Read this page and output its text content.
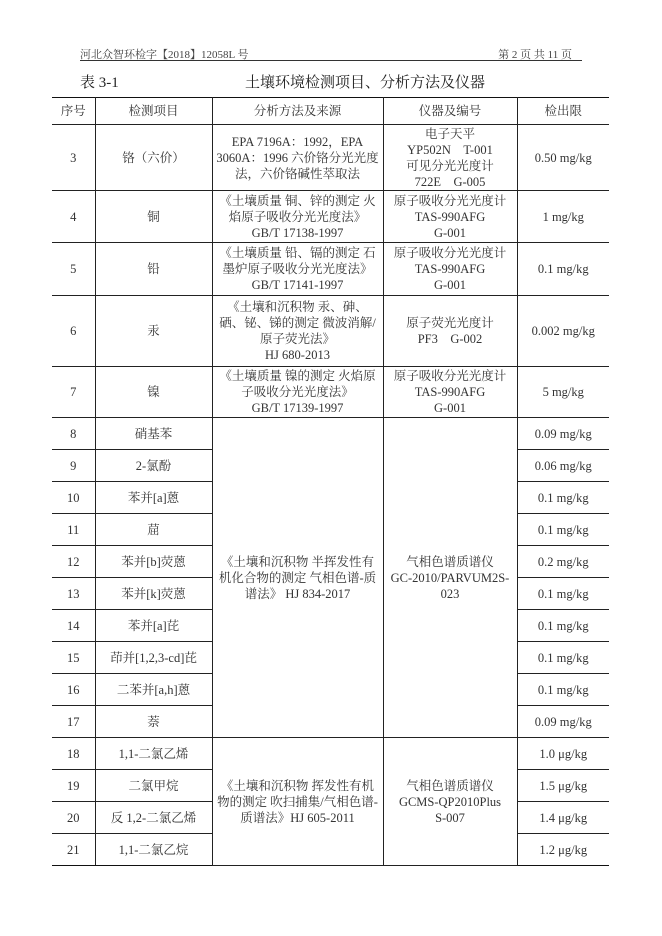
河北众智环检字【2018】12058L 号	第 2 页 共 11 页
表 3-1	土壤环境检测项目、分析方法及仪器
序号	检测项目	分析方法及来源	仪器及编号	检出限
3	铬（六价）	EPA 7196A：1992，EPA 3060A：1996 六价铬分光光度法，六价铬碱性萃取法	电子天平
YP502N　T-001
可见分光光度计
722E　G-005	0.50 mg/kg
4	铜	《土壤质量 铜、锌的测定 火焰原子吸收分光光度法》
GB/T 17138-1997	原子吸收分光光度计
TAS-990AFG
G-001	1 mg/kg
5	铅	《土壤质量 铅、镉的测定 石墨炉原子吸收分光光度法》GB/T 17141-1997	原子吸收分光光度计
TAS-990AFG
G-001	0.1 mg/kg
6	汞	《土壤和沉积物 汞、砷、硒、铋、锑的测定 微波消解/原子荧光法》
HJ 680-2013	原子荧光光度计
PF3　G-002	0.002 mg/kg
7	镍	《土壤质量 镍的测定 火焰原子吸收分光光度法》
GB/T 17139-1997	原子吸收分光光度计
TAS-990AFG
G-001	5 mg/kg
8	硝基苯	《土壤和沉积物 半挥发性有机化合物的测定 气相色谱-质谱法》 HJ 834-2017	气相色谱质谱仪
GC-2010/PARVUM2S-023	0.09 mg/kg
9	2-氯酚			0.06 mg/kg
10	苯并[a]蒽			0.1 mg/kg
11	䓛			0.1 mg/kg
12	苯并[b]荧蒽			0.2 mg/kg
13	苯并[k]荧蒽			0.1 mg/kg
14	苯并[a]芘			0.1 mg/kg
15	茚并[1,2,3-cd]芘			0.1 mg/kg
16	二苯并[a,h]蒽			0.1 mg/kg
17	萘			0.09 mg/kg
18	1,1-二氯乙烯	《土壤和沉积物 挥发性有机物的测定 吹扫捕集/气相色谱-质谱法》HJ 605-2011	气相色谱质谱仪
GCMS-QP2010Plus
S-007	1.0 μg/kg
19	二氯甲烷			1.5 μg/kg
20	反 1,2-二氯乙烯			1.4 μg/kg
21	1,1-二氯乙烷			1.2 μg/kg
